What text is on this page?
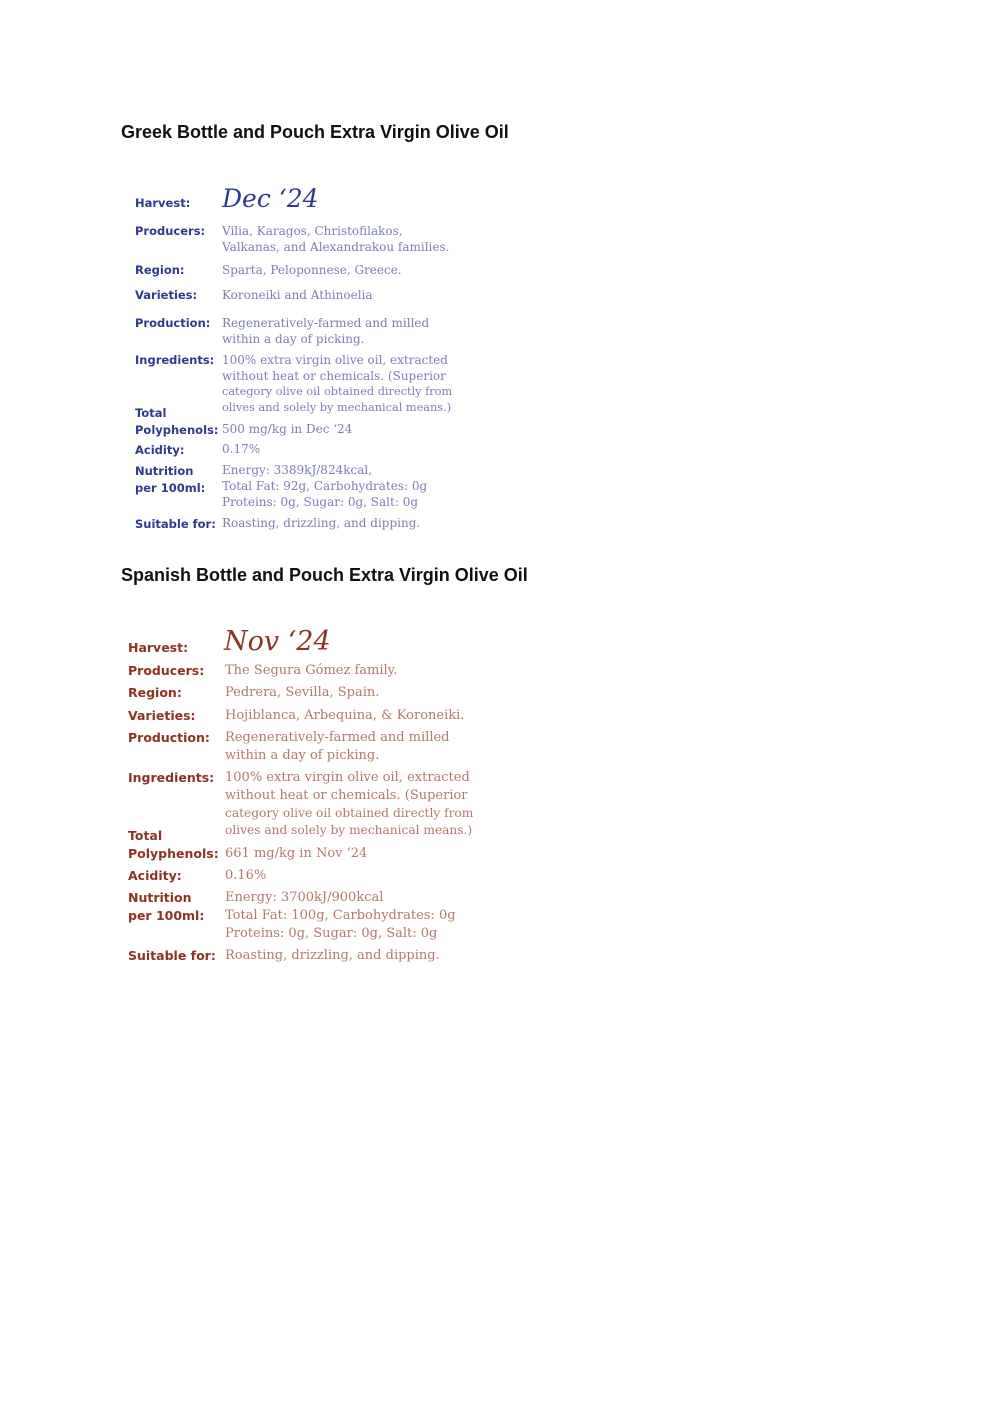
Greek Bottle and Pouch Extra Virgin Olive Oil
Harvest: Dec ‘24
Producers: Vilia, Karagos, Christofilakos,
Valkanas, and Alexandrakou families.
Region:	Sparta, Peloponnese, Greece.
Varieties: Koroneiki and Athinoelia
Production: Regeneratively-farmed and milled
within a day of picking.
Ingredients: 100% extra virgin olive oil, extracted
without heat or chemicals. (Superior
category olive oil obtained directly from
olives and solely by mechanical means.)
Total
Polyphenols: 500 mg/kg in Dec ‘24
Acidity:	0.17%
Nutrition
per 100ml:
Energy: 3389kJ/824kcal,
Total Fat: 92g, Carbohydrates: 0g
Proteins: 0g, Sugar: 0g, Salt: 0g
Suitable for: Roasting, drizzling, and dipping.
Spanish Bottle and Pouch Extra Virgin Olive Oil
Harvest: Nov ‘24
Producers: The Segura Gómez family.
Region:	Pedrera, Sevilla, Spain.
Varieties: Hojiblanca, Arbequina, & Koroneiki.
Production: Regeneratively-farmed and milled
within a day of picking.
Ingredients: 100% extra virgin olive oil, extracted
without heat or chemicals. (Superior
category olive oil obtained directly from
olives and solely by mechanical means.)
Total
Polyphenols: 661 mg/kg in Nov ‘24
Acidity:	0.16%
Nutrition
per 100ml:
Energy: 3700kJ/900kcal
Total Fat: 100g, Carbohydrates: 0g
Proteins: 0g, Sugar: 0g, Salt: 0g
Suitable for: Roasting, drizzling, and dipping.
